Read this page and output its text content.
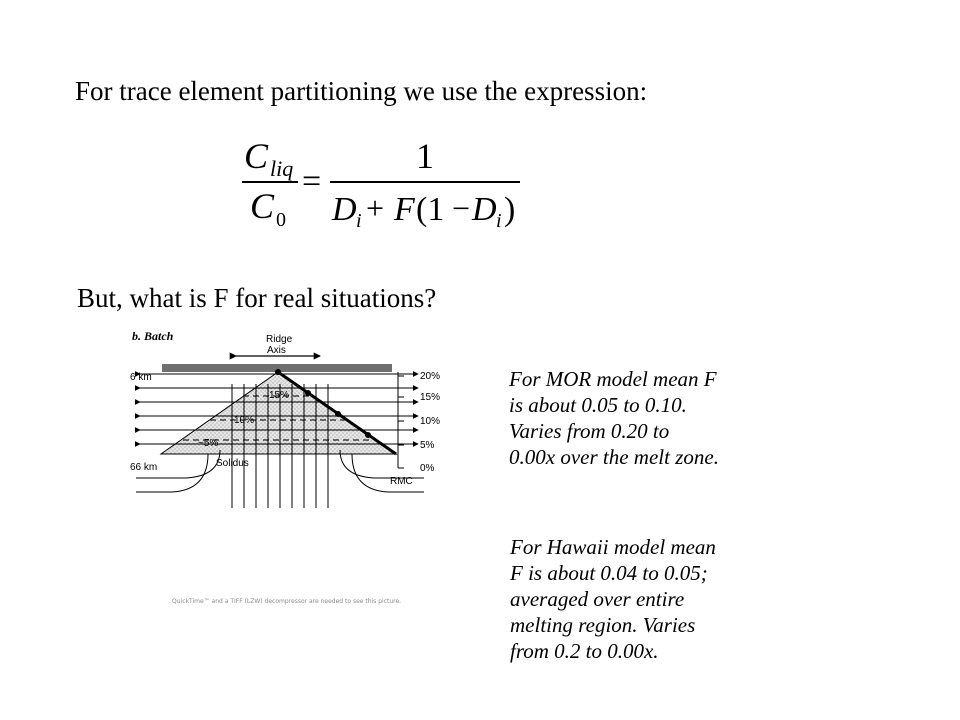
For trace element partitioning we use the expression:
C liq
C 0
=
1
D i + F (1 − D i )
But, what is F for real situations?
b. Batch	Ridge
Axis
6 km
66 km
15%
10%
~5%
Solidus
20%
15%
10%
5%
0%
RMC
QuickTime™ and a TIFF (LZW) decompressor are needed to see this picture.
For MOR model mean F
is about 0.05 to 0.10.
Varies from 0.20 to
0.00x over the melt zone.
For Hawaii model mean
F is about 0.04 to 0.05;
averaged over entire
melting region. Varies
from 0.2 to 0.00x.
